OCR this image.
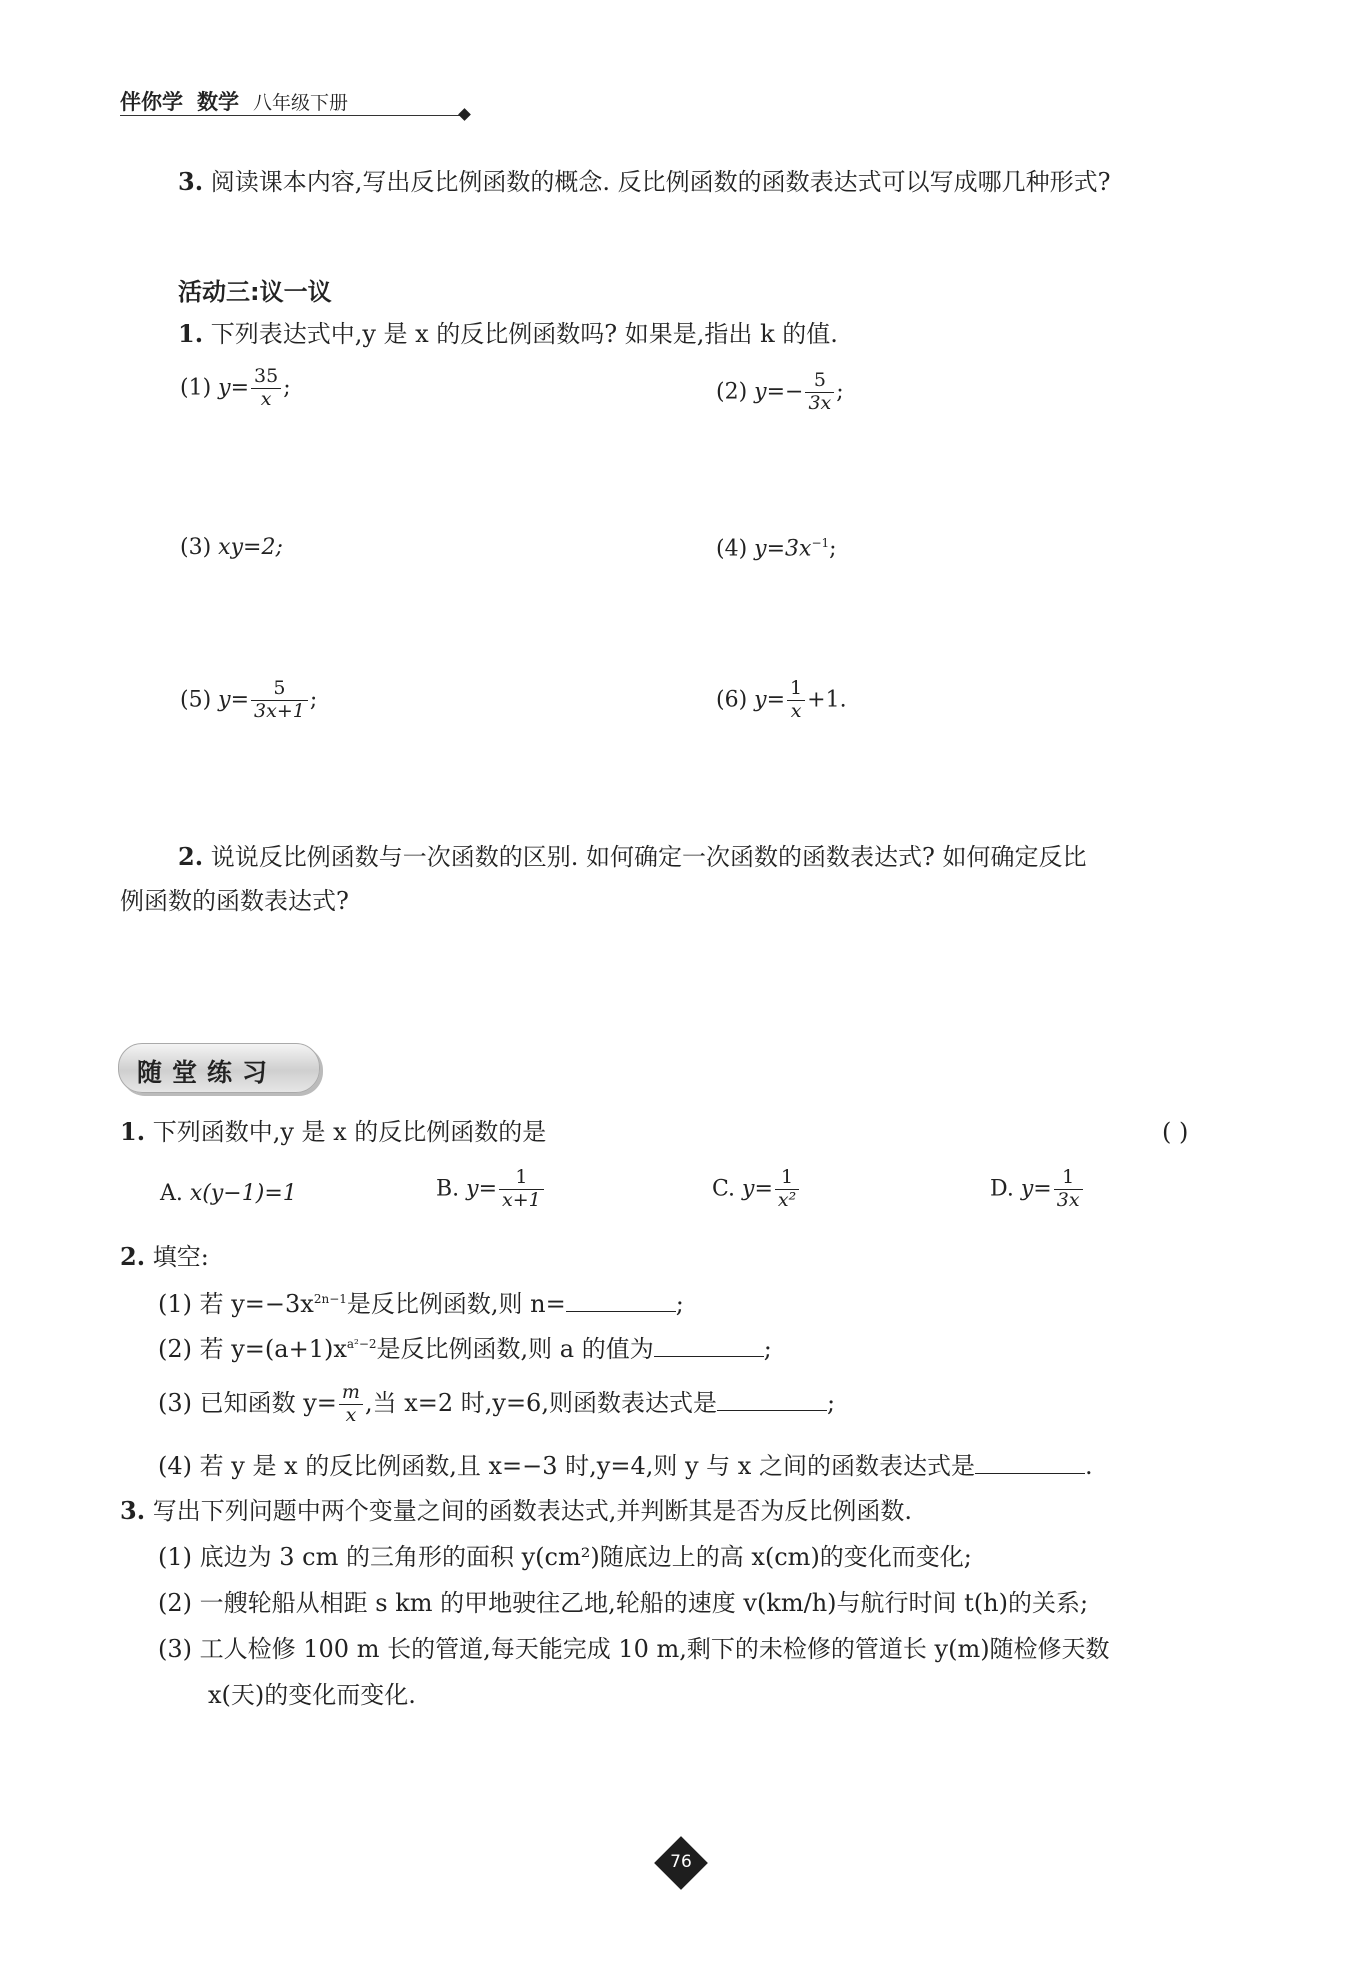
伴你学 数学 八年级下册
3. 阅读课本内容,写出反比例函数的概念. 反比例函数的函数表达式可以写成哪几种形式?
活动三:议一议
1. 下列表达式中,y 是 x 的反比例函数吗? 如果是,指出 k 的值.
(1) $y= \frac{35}{x}$ ;	(2) $y=- \frac{5}{3x}$ ;
(3) xy=2;	(4) $y=3x^{-1}$;
(5) $y= \frac{5}{3x+1}$ ;	(6) $y= \frac{1}{x} +1$.
2. 说说反比例函数与一次函数的区别. 如何确定一次函数的函数表达式? 如何确定反比
例函数的函数表达式?
随堂练习
1. 下列函数中,y 是 x 的反比例函数的是	( )
A. x(y−1)=1	B. $y= \frac{1}{x+1}$	C. $y= \frac{1}{\text{x²}}$	D. $y= \frac{1}{3x}$
2. 填空:
(1) 若 $y=-3x^{2n-1}$是反比例函数,则 n=	;
(2) 若 $y=(a+1)x^{a^2-2}$是反比例函数,则 a 的值为	;
(3) 已知函数 $y= \frac{m}{x}$ ,当 x=2 时,y=6,则函数表达式是	;
(4) 若 y 是 x 的反比例函数,且 x=−3 时,y=4,则 y 与 x 之间的函数表达式是	.
3. 写出下列问题中两个变量之间的函数表达式,并判断其是否为反比例函数.
(1) 底边为 3 cm 的三角形的面积 y(cm²)随底边上的高 x(cm)的变化而变化;
(2) 一艘轮船从相距 s km 的甲地驶往乙地,轮船的速度 v(km/h)与航行时间 t(h)的关系;
(3) 工人检修 100 m 长的管道,每天能完成 10 m,剩下的未检修的管道长 y(m)随检修天数
x(天)的变化而变化.
76
